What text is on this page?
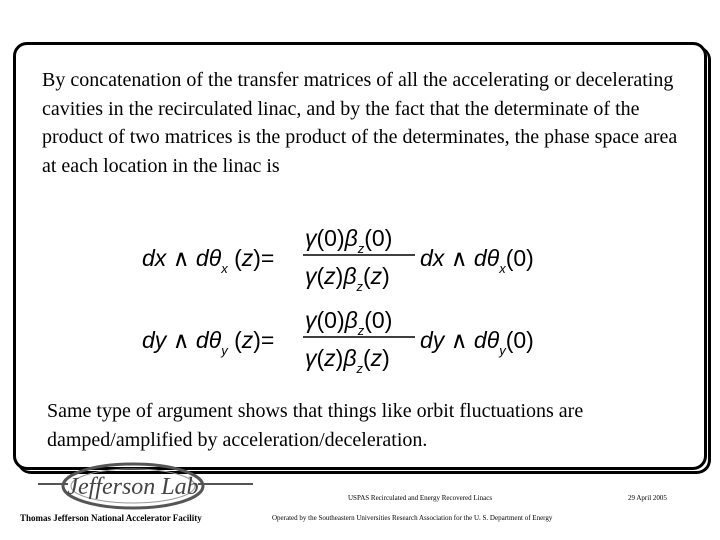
By concatenation of the transfer matrices of all the accelerating or decelerating cavities in the recirculated linac, and by the fact that the determinate of the product of two matrices is the product of the determinates, the phase space area at each location in the linac is

dx ∧ $d\theta_x$ (z)=
$\gamma(0)\beta_z(0)$
$\gamma(z)\beta_z(z)$
dx ∧ $d\theta_x(0)$
dy ∧ $d\theta_y$ (z)=
$\gamma(0)\beta_z(0)$
$\gamma(z)\beta_z(z)$
dy ∧ $d\theta_y(0)$

Same type of argument shows that things like orbit fluctuations are damped/amplified by acceleration/deceleration.

Jefferson Lab
Thomas Jefferson National Accelerator Facility
USPAS Recirculated and Energy Recovered Linacs
Operated by the Southeastern Universities Research Association for the U. S. Department of Energy
29 April 2005
